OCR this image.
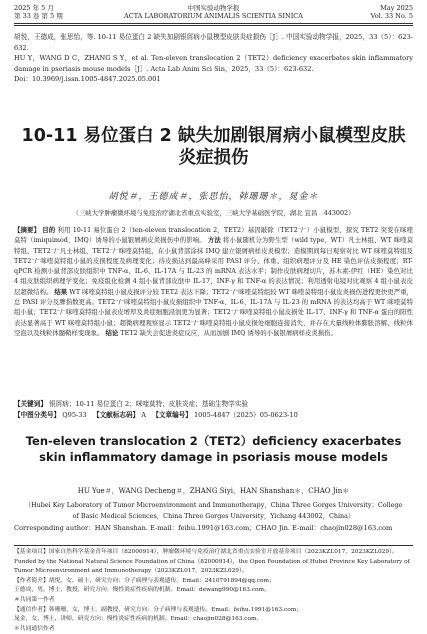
2025 年 5 月
第 33 卷 第 5 期
中国实验动物学报
ACTA LABORATORIUM ANIMALIS SCIENTIA SINICA
May 2025
Vol. 33 No. 5

胡悦，王德成，张思怡，等. 10-11 易位蛋白 2 缺失加剧银屑病小鼠模型皮肤炎症损伤［J］. 中国实验动物学报，2025，33（5）：623-632.

HU Y，WANG D C，ZHANG S Y，et al. Ten-eleven translocation 2（TET2）deficiency exacerbates skin inflammatory damage in psoriasis mouse models［J］. Acta Lab Anim Sci Sin，2025，33（5）：623-632.

Doi：10.3969/j.issn.1005-4847.2025.05.001

10-11 易位蛋白 2 缺失加剧银屑病小鼠模型皮肤炎症损伤
胡悦＃，王德成＃，张思怡，韩珊珊＊，晁金＊
（三峡大学肿瘤微环境与免疫治疗湖北省重点实验室，三峡大学基础医学院，湖北 宜昌　443002）

【摘要】 目的 利用 10-11 易位蛋白 2（ten-eleven translocation 2，TET2）基因敲除（TET2⁻/⁻）小鼠模型，探究 TET2 突变在咪喹莫特（imiquimod，IMQ）诱导的小鼠银屑病皮炎损伤中的影响。 方法 将小鼠随机分为野生型（wild type，WT）凡士林组、WT 咪喹莫特组、TET2⁻/⁻凡士林组、TET2⁻/⁻咪喹莫特组，在小鼠背部涂抹 IMQ 建立银屑病样皮炎模型；造模期间每日观察对比 WT 咪喹莫特组及 TET2⁻/⁻咪喹莫特组小鼠的皮损程度及病理变化；待皮损达到最高峰采用 PASI 评分、体重、组织病理评分及 HE 染色评估皮损程度；RT-qPCR 检测小鼠背部皮肤组织中 TNF-α、IL-6、IL-17A 与 IL-23 的 mRNA 表达水平；制作皮肤病理切片，苏木素-伊红（HE）染色对比 4 组皮肤组织病理学变化；免疫组化检测 4 组小鼠背部皮肤中 IL-17、INF-γ 和 TNF-α 的表达情况；利用透射电镜对比观察 4 组小鼠表皮层超微结构。 结果 WT 咪喹莫特组小鼠皮损评分较 TET2 表达下降；TET2⁻/⁻咪喹莫特组较 WT 咪喹莫特组小鼠皮炎损伤进程更快更严重，总 PASI 评分及脾指数更高；TET2⁻/⁻咪喹莫特组小鼠皮损组织中 TNF-α、IL-6、IL-17A 与 IL-23 的 mRNA 的表达均高于 WT 咪喹莫特组小鼠；TET2⁻/⁻咪喹莫特组小鼠表皮增厚及炎症细胞浸润更为显著；TET2⁻/⁻咪喹莫特组小鼠皮损处 IL-17、INF-γ 和 TNF-α 蛋白的阳性表达显著高于 WT 咪喹莫特组小鼠；超微病理观察显示 TET2⁻/⁻咪喹莫特组小鼠皮损处细胞连接消失，并存在大量线粒体膨胀溶解、线粒体空泡以及线粒体髓鞘样变现象。 结论 TET2 缺失会促进炎症反应，从而加剧 IMQ 诱导的小鼠银屑病样皮炎损伤。

【关键词】 银屑病；10-11 易位蛋白 2；咪喹莫特；皮肤炎症；基础生物学实验

【中图分类号】 Q95-33 【文献标志码】 A 【文章编号】 1005-4847（2025）05-0623-10

Ten-eleven translocation 2（TET2）deficiency exacerbates skin inflammatory damage in psoriasis mouse models
HU Yue＃，WANG Decheng＃，ZHANG Siyi，HAN Shanshan＊，CHAO Jin＊
（Hubei Key Laboratory of Tumor Microenvironment and Immunotherapy，China Three Gorges University；College of Basic Medical Sciences，China Three Gorges University，Yichang 443002，China）
Corresponding author：HAN Shanshan. E-mail：feihu.1991@163.com；CHAO Jin. E-mail：chaojin028@163.com

【基金项目】国家自然科学基金青年项目（82000914），肿瘤微环境与免疫治疗湖北省重点实验室开放基金项目（2023KZL017，2023KZL029）。

Funded by the National Natural Science Foundation of China（82000914），the Open Foundation of Hubei Province Key Laboratory of Tumor Microenvironment and Immunotherapy（2023KZL017，2023KZL029）。

【作者简介】胡悦，女，硕士，研究方向：分子病理与表观遗传。Email：2410791894@qq.com；
王德成，男，博士，教授，研究方向：慢性炎症性疾病的机制。Email：dewang990@163.com。
＃共同第一作者

【通信作者】韩珊珊，女，博士，副教授，研究方向：分子病理与表观遗传。Email：feihu.1991@163.com；
晁金，女，博士，讲师，研究方向：慢性炎症性疾病的机制。Email：chaojin028@163.com。
＊共同通信作者
